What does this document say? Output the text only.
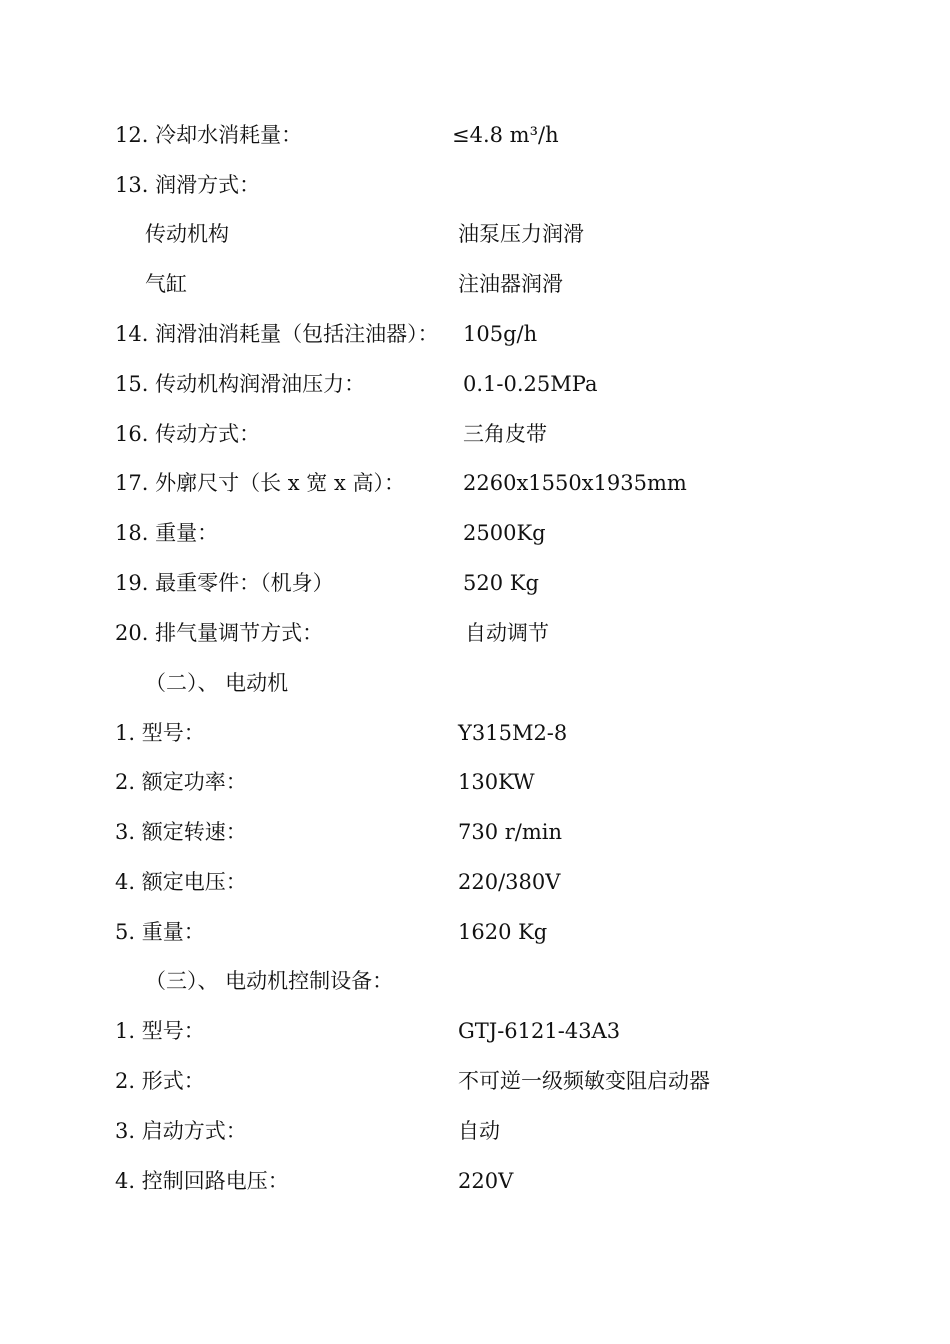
12. 冷却水消耗量：	≤4.8 m³/h
13. 润滑方式：
传动机构	油泵压力润滑
气缸	注油器润滑
14. 润滑油消耗量（包括注油器）： 105g/h
15. 传动机构润滑油压力：	0.1-0.25MPa
16. 传动方式：	三角皮带
17. 外廓尺寸（长 x 宽 x 高）：	2260x1550x1935mm
18. 重量：	2500Kg
19. 最重零件：（机身）	520 Kg
20. 排气量调节方式：	自动调节
（二）、 电动机
1. 型号：	Y315M2-8
2. 额定功率：	130KW
3. 额定转速：	730 r/min
4. 额定电压：	220/380V
5. 重量：	1620 Kg
（三）、 电动机控制设备：
1. 型号：	GTJ-6121-43A3
2. 形式：	不可逆一级频敏变阻启动器
3. 启动方式：	自动
4. 控制回路电压：	220V
